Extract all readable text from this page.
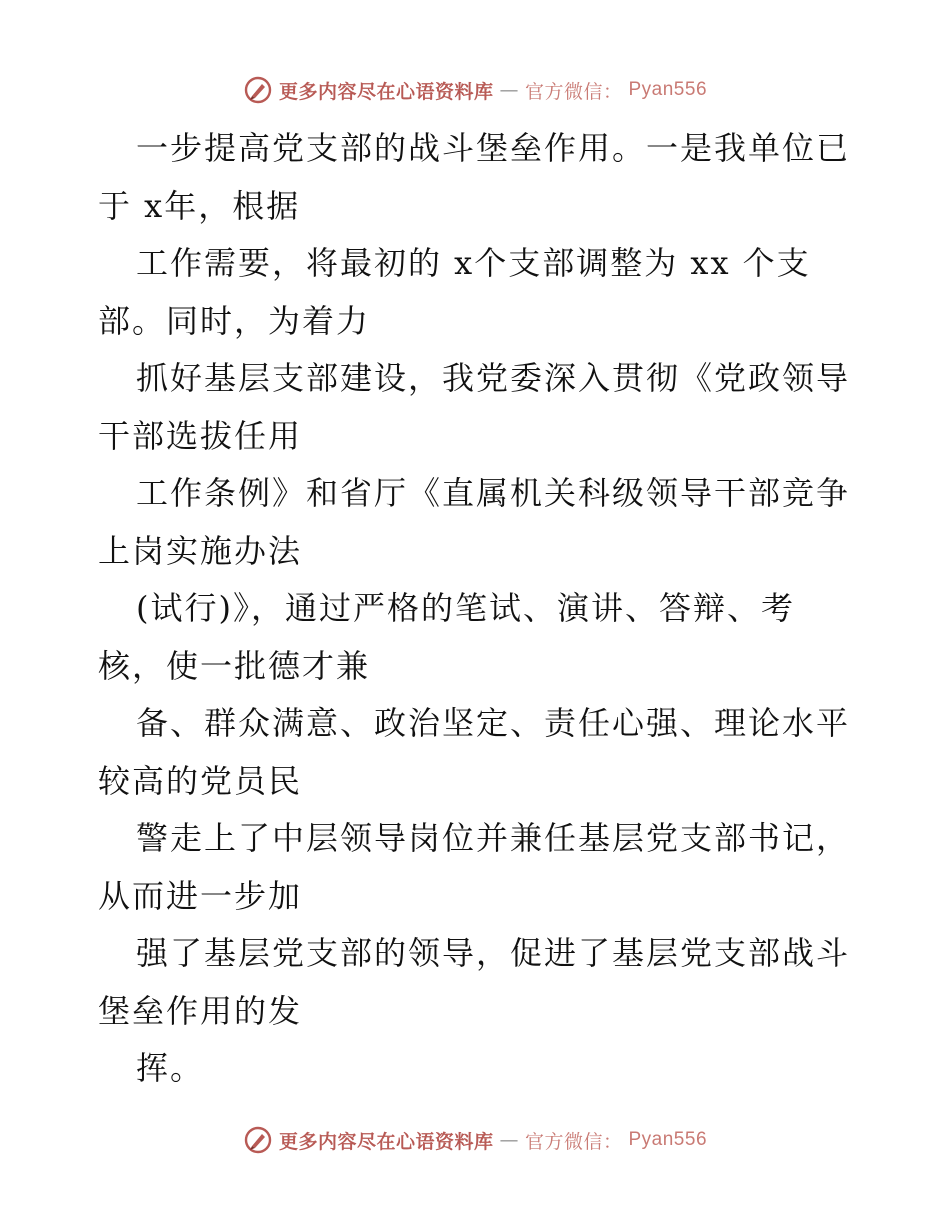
更多内容尽在心语资料库 — 官方微信： Pyan556
一步提高党支部的战斗堡垒作用。一是我单位已
于 x年，根据
工作需要，将最初的 x个支部调整为 xx 个支
部。同时，为着力
抓好基层支部建设，我党委深入贯彻《党政领导
干部选拔任用
工作条例》和省厅《直属机关科级领导干部竞争
上岗实施办法
(试行)》，通过严格的笔试、演讲、答辩、考
核，使一批德才兼
备、群众满意、政治坚定、责任心强、理论水平
较高的党员民
警走上了中层领导岗位并兼任基层党支部书记，
从而进一步加
强了基层党支部的领导，促进了基层党支部战斗
堡垒作用的发
挥。
更多内容尽在心语资料库 — 官方微信： Pyan556
